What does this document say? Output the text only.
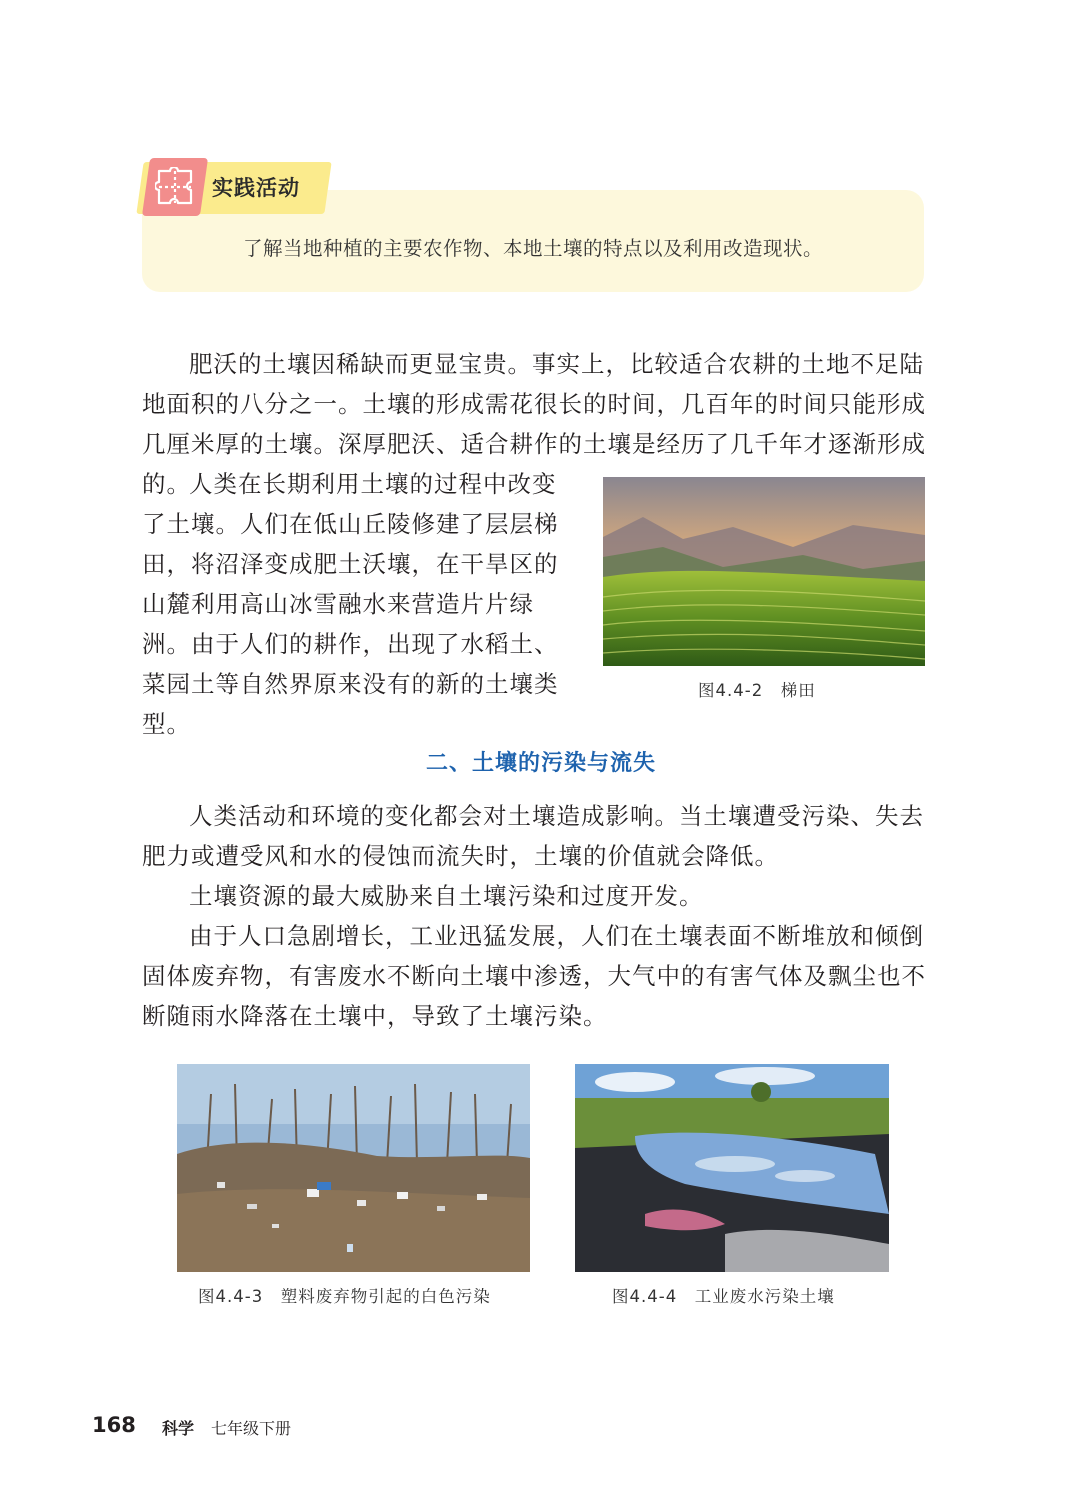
实践活动
了解当地种植的主要农作物、本地土壤的特点以及利用改造现状。

肥沃的土壤因稀缺而更显宝贵。事实上，比较适合农耕的土地不足陆地面积的八分之一。土壤的形成需花很长的时间，几百年的时间只能形成几厘米厚的土壤。深厚肥沃、适合耕作的土壤是经历了几千年才逐渐形成的。

人类在长期利用土壤的过程中改变了土壤。人们在低山丘陵修建了层层梯田，将沼泽变成肥土沃壤，在干旱区的山麓利用高山冰雪融水来营造片片绿洲。由于人们的耕作，出现了水稻土、菜园土等自然界原来没有的新的土壤类型。

图4.4-2　梯田
二、土壤的污染与流失

人类活动和环境的变化都会对土壤造成影响。当土壤遭受污染、失去肥力或遭受风和水的侵蚀而流失时，土壤的价值就会降低。

土壤资源的最大威胁来自土壤污染和过度开发。

由于人口急剧增长，工业迅猛发展，人们在土壤表面不断堆放和倾倒固体废弃物，有害废水不断向土壤中渗透，大气中的有害气体及飘尘也不断随雨水降落在土壤中，导致了土壤污染。

图4.4-3　塑料废弃物引起的白色污染	图4.4-4　工业废水污染土壤
168 科学 七年级下册
